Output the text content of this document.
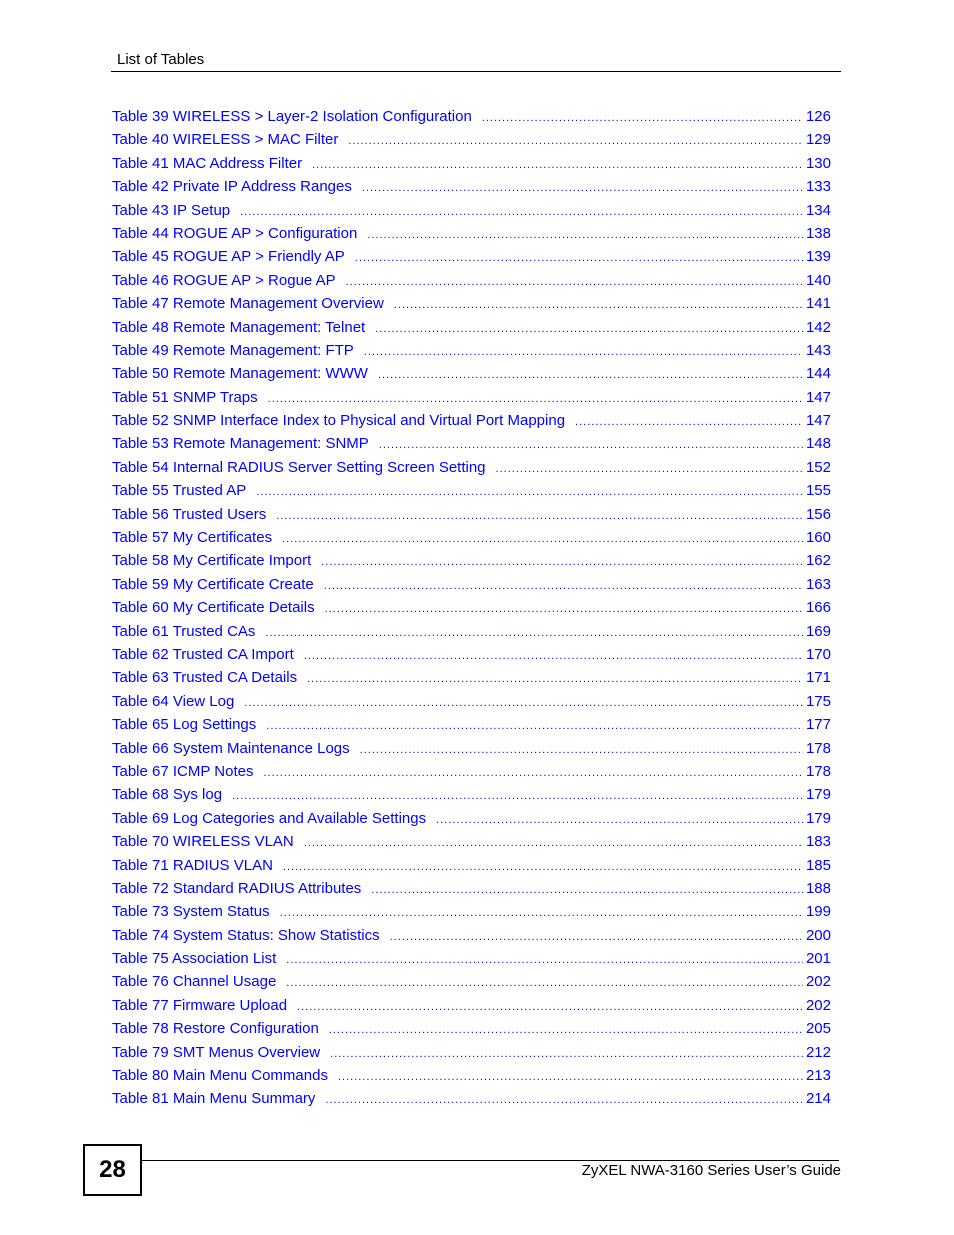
List of Tables
Table 39 WIRELESS > Layer-2 Isolation Configuration .....	126
Table 40 WIRELESS > MAC Filter .....	129
Table 41 MAC Address Filter .....	130
Table 42 Private IP Address Ranges .....	133
Table 43 IP Setup .....	134
Table 44 ROGUE AP > Configuration .....	138
Table 45 ROGUE AP > Friendly AP .....	139
Table 46 ROGUE AP > Rogue AP .....	140
Table 47 Remote Management Overview .....	141
Table 48 Remote Management: Telnet .....	142
Table 49 Remote Management: FTP .....	143
Table 50 Remote Management: WWW .....	144
Table 51 SNMP Traps .....	147
Table 52 SNMP Interface Index to Physical and Virtual Port Mapping .....	147
Table 53 Remote Management: SNMP .....	148
Table 54 Internal RADIUS Server Setting Screen Setting .....	152
Table 55 Trusted AP .....	155
Table 56 Trusted Users .....	156
Table 57 My Certificates .....	160
Table 58 My Certificate Import .....	162
Table 59 My Certificate Create .....	163
Table 60 My Certificate Details .....	166
Table 61 Trusted CAs .....	169
Table 62 Trusted CA Import .....	170
Table 63 Trusted CA Details .....	171
Table 64 View Log .....	175
Table 65 Log Settings .....	177
Table 66 System Maintenance Logs .....	178
Table 67 ICMP Notes .....	178
Table 68 Sys log .....	179
Table 69 Log Categories and Available Settings .....	179
Table 70 WIRELESS VLAN .....	183
Table 71 RADIUS VLAN .....	185
Table 72 Standard RADIUS Attributes .....	188
Table 73 System Status .....	199
Table 74 System Status: Show Statistics .....	200
Table 75 Association List .....	201
Table 76 Channel Usage .....	202
Table 77 Firmware Upload .....	202
Table 78 Restore Configuration .....	205
Table 79 SMT Menus Overview .....	212
Table 80 Main Menu Commands .....	213
Table 81 Main Menu Summary .....	214
28	ZyXEL NWA-3160 Series User’s Guide
